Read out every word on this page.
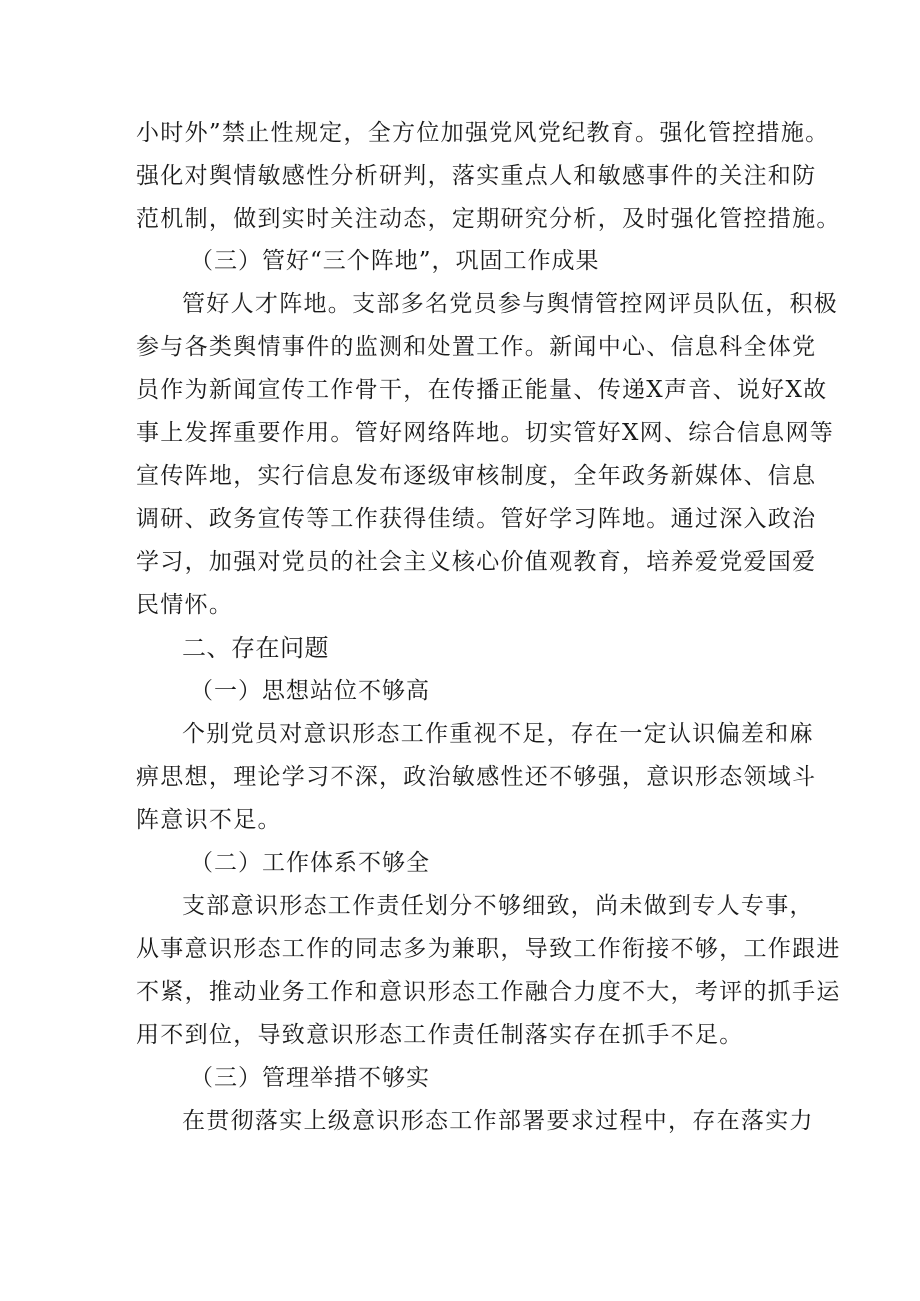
小时外”禁止性规定，全方位加强党风党纪教育。强化管控措施。
强化对舆情敏感性分析研判，落实重点人和敏感事件的关注和防
范机制，做到实时关注动态，定期研究分析，及时强化管控措施。
（三）管好“三个阵地”，巩固工作成果
管好人才阵地。支部多名党员参与舆情管控网评员队伍，积极
参与各类舆情事件的监测和处置工作。新闻中心、信息科全体党
员作为新闻宣传工作骨干，在传播正能量、传递X声音、说好X故
事上发挥重要作用。管好网络阵地。切实管好X网、综合信息网等
宣传阵地，实行信息发布逐级审核制度，全年政务新媒体、信息
调研、政务宣传等工作获得佳绩。管好学习阵地。通过深入政治
学习，加强对党员的社会主义核心价值观教育，培养爱党爱国爱
民情怀。
二、存在问题
（一）思想站位不够高
个别党员对意识形态工作重视不足，存在一定认识偏差和麻
痹思想，理论学习不深，政治敏感性还不够强，意识形态领域斗
阵意识不足。
（二）工作体系不够全
支部意识形态工作责任划分不够细致，尚未做到专人专事，
从事意识形态工作的同志多为兼职，导致工作衔接不够，工作跟进
不紧，推动业务工作和意识形态工作融合力度不大，考评的抓手运
用不到位，导致意识形态工作责任制落实存在抓手不足。
（三）管理举措不够实
在贯彻落实上级意识形态工作部署要求过程中，存在落实力
